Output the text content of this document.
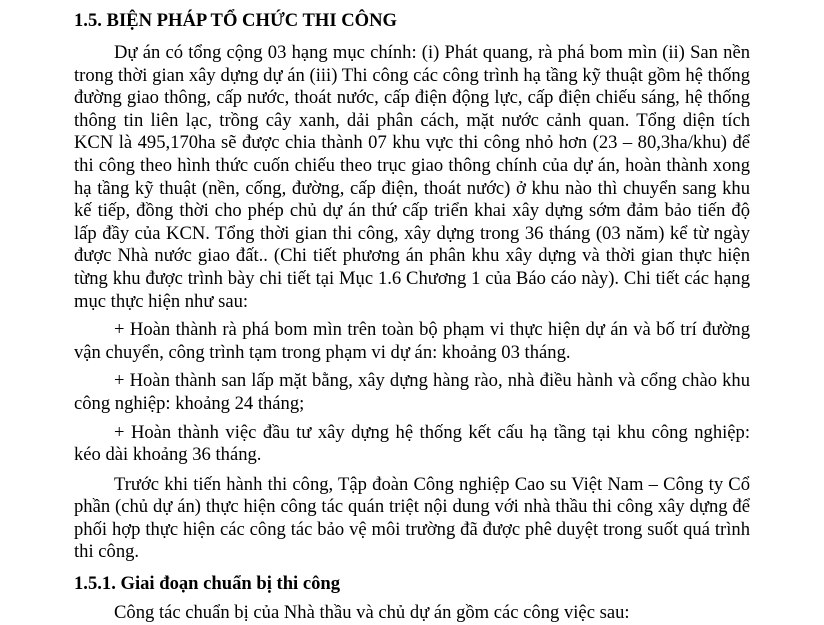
1.5. BIỆN PHÁP TỔ CHỨC THI CÔNG

Dự án có tổng cộng 03 hạng mục chính: (i) Phát quang, rà phá bom mìn (ii) San nền trong thời gian xây dựng dự án (iii) Thi công các công trình hạ tầng kỹ thuật gồm hệ thống đường giao thông, cấp nước, thoát nước, cấp điện động lực, cấp điện chiếu sáng, hệ thống thông tin liên lạc, trồng cây xanh, dải phân cách, mặt nước cảnh quan. Tổng diện tích KCN là 495,170ha sẽ được chia thành 07 khu vực thi công nhỏ hơn (23 – 80,3ha/khu) để thi công theo hình thức cuốn chiếu theo trục giao thông chính của dự án, hoàn thành xong hạ tầng kỹ thuật (nền, cống, đường, cấp điện, thoát nước) ở khu nào thì chuyển sang khu kế tiếp, đồng thời cho phép chủ dự án thứ cấp triển khai xây dựng sớm đảm bảo tiến độ lấp đầy của KCN. Tổng thời gian thi công, xây dựng trong 36 tháng (03 năm) kể từ ngày được Nhà nước giao đất.. (Chi tiết phương án phân khu xây dựng và thời gian thực hiện từng khu được trình bày chi tiết tại Mục 1.6 Chương 1 của Báo cáo này). Chi tiết các hạng mục thực hiện như sau:

+ Hoàn thành rà phá bom mìn trên toàn bộ phạm vi thực hiện dự án và bố trí đường vận chuyển, công trình tạm trong phạm vi dự án: khoảng 03 tháng.

+ Hoàn thành san lấp mặt bằng, xây dựng hàng rào, nhà điều hành và cổng chào khu công nghiệp: khoảng 24 tháng;

+ Hoàn thành việc đầu tư xây dựng hệ thống kết cấu hạ tầng tại khu công nghiệp: kéo dài khoảng 36 tháng.

Trước khi tiến hành thi công, Tập đoàn Công nghiệp Cao su Việt Nam – Công ty Cổ phần (chủ dự án) thực hiện công tác quán triệt nội dung với nhà thầu thi công xây dựng để phối hợp thực hiện các công tác bảo vệ môi trường đã được phê duyệt trong suốt quá trình thi công.

1.5.1. Giai đoạn chuẩn bị thi công

Công tác chuẩn bị của Nhà thầu và chủ dự án gồm các công việc sau:
